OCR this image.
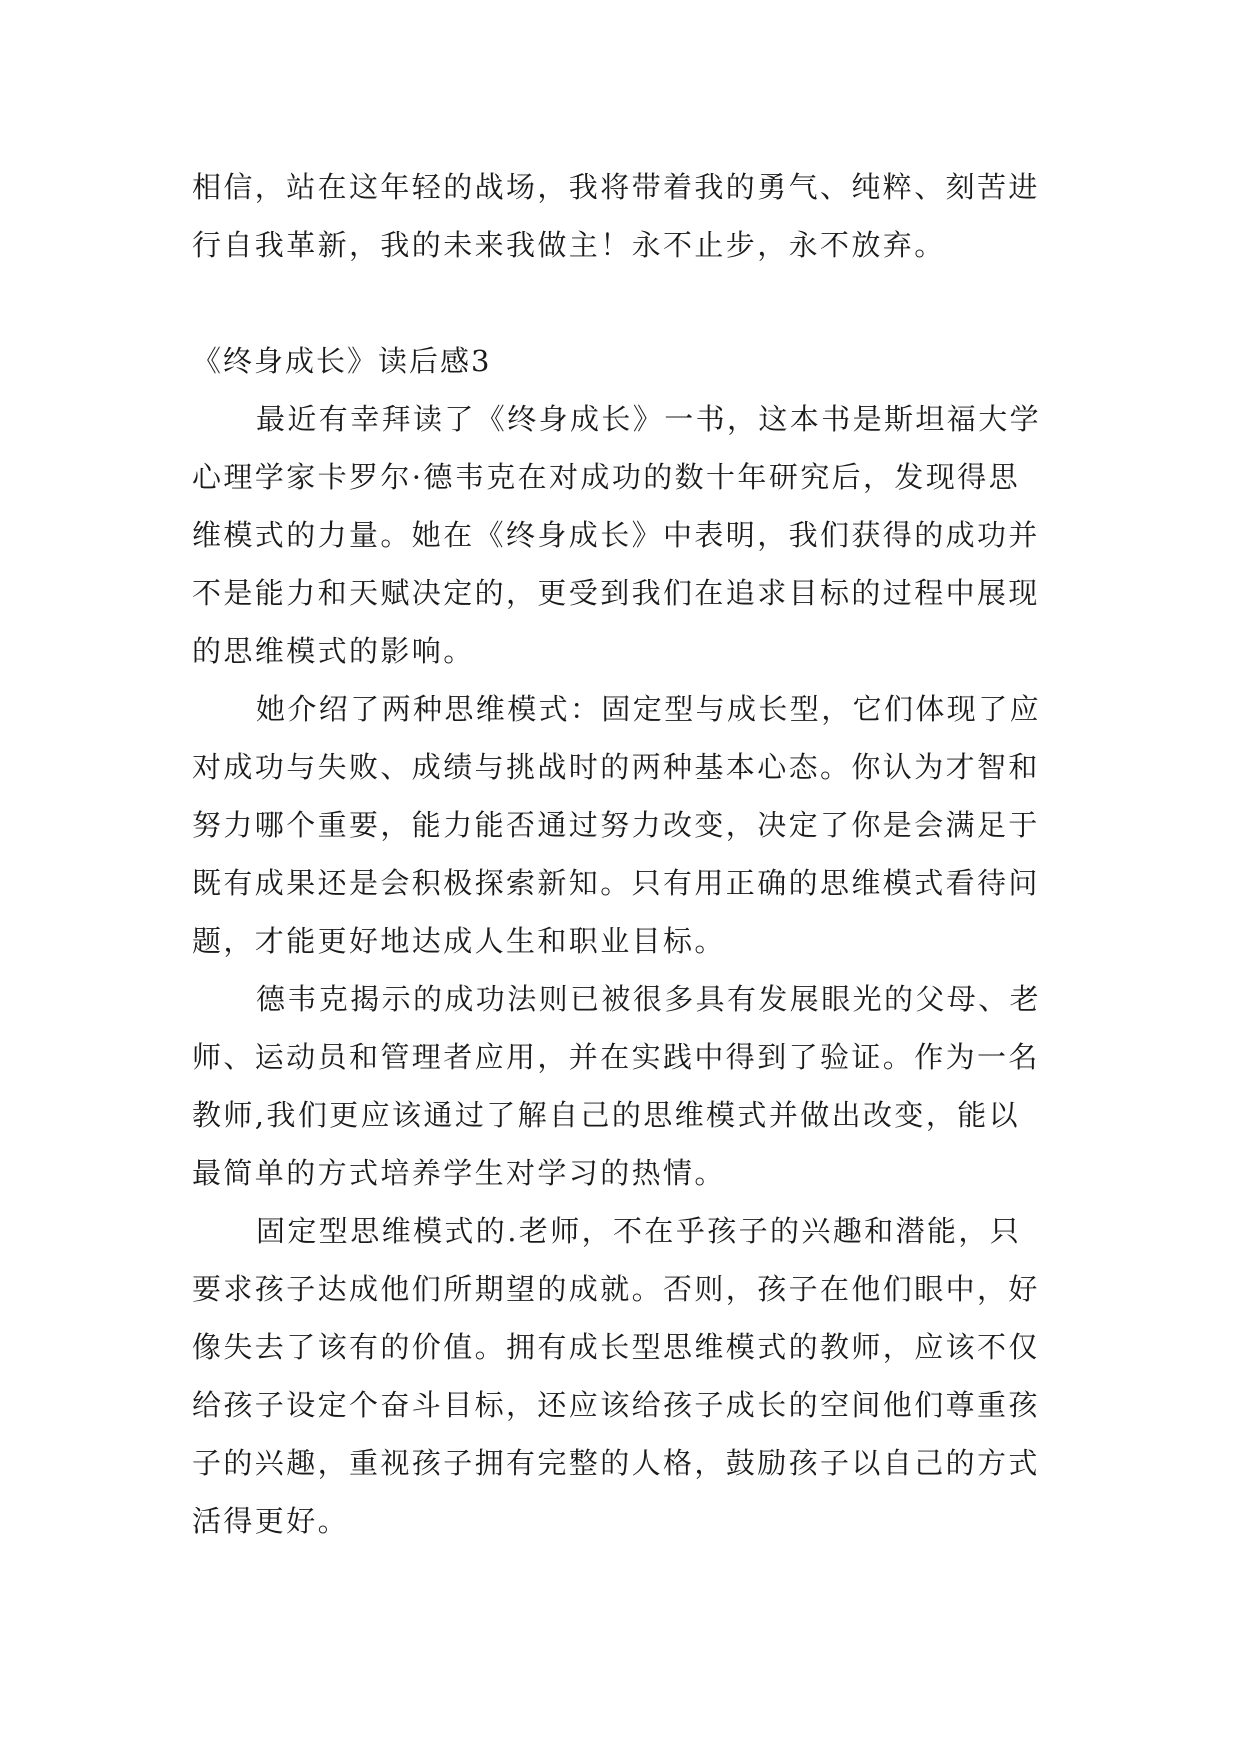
相信，站在这年轻的战场，我将带着我的勇气、纯粹、刻苦进行自我革新，我的未来我做主！永不止步，永不放弃。

《终身成长》读后感3

最近有幸拜读了《终身成长》一书，这本书是斯坦福大学心理学家卡罗尔·德韦克在对成功的数十年研究后，发现得思维模式的力量。她在《终身成长》中表明，我们获得的成功并不是能力和天赋决定的，更受到我们在追求目标的过程中展现的思维模式的影响。

她介绍了两种思维模式：固定型与成长型，它们体现了应对成功与失败、成绩与挑战时的两种基本心态。你认为才智和努力哪个重要，能力能否通过努力改变，决定了你是会满足于既有成果还是会积极探索新知。只有用正确的思维模式看待问题，才能更好地达成人生和职业目标。

德韦克揭示的成功法则已被很多具有发展眼光的父母、老师、运动员和管理者应用，并在实践中得到了验证。作为一名教师,我们更应该通过了解自己的思维模式并做出改变，能以最简单的方式培养学生对学习的热情。

固定型思维模式的.老师，不在乎孩子的兴趣和潜能，只要求孩子达成他们所期望的成就。否则，孩子在他们眼中，好像失去了该有的价值。拥有成长型思维模式的教师，应该不仅给孩子设定个奋斗目标，还应该给孩子成长的空间他们尊重孩子的兴趣，重视孩子拥有完整的人格，鼓励孩子以自己的方式活得更好。
